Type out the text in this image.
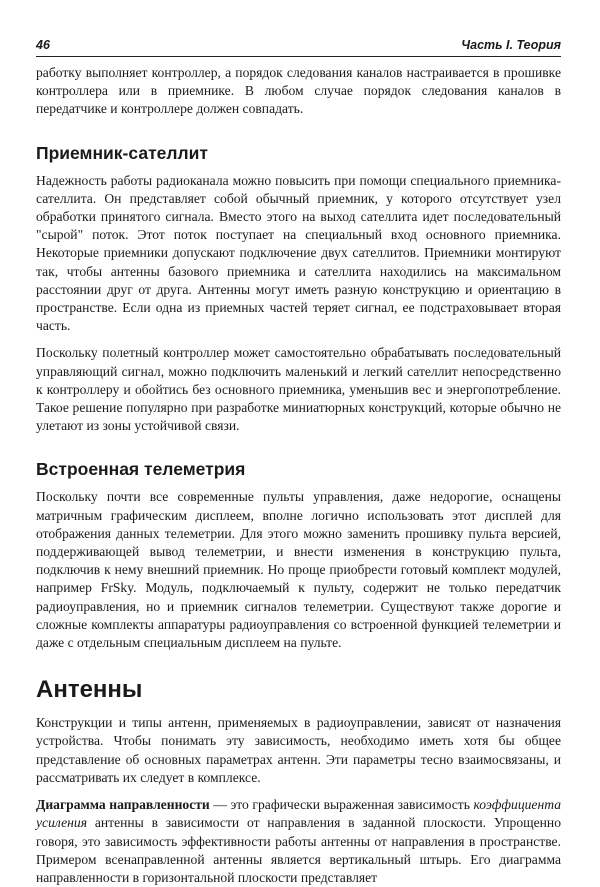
46	Часть I. Теория

работку выполняет контроллер, а порядок следования каналов настраивается в прошивке контроллера или в приемнике. В любом случае порядок следования каналов в передатчике и контроллере должен совпадать.

Приемник-сателлит

Надежность работы радиоканала можно повысить при помощи специального приемника-сателлита. Он представляет собой обычный приемник, у которого отсутствует узел обработки принятого сигнала. Вместо этого на выход сателлита идет последовательный "сырой" поток. Этот поток поступает на специальный вход основного приемника. Некоторые приемники допускают подключение двух сателлитов. Приемники монтируют так, чтобы антенны базового приемника и сателлита находились на максимальном расстоянии друг от друга. Антенны могут иметь разную конструкцию и ориентацию в пространстве. Если одна из приемных частей теряет сигнал, ее подстраховывает вторая часть.

Поскольку полетный контроллер может самостоятельно обрабатывать последовательный управляющий сигнал, можно подключить маленький и легкий сателлит непосредственно к контроллеру и обойтись без основного приемника, уменьшив вес и энергопотребление. Такое решение популярно при разработке миниатюрных конструкций, которые обычно не улетают из зоны устойчивой связи.

Встроенная телеметрия

Поскольку почти все современные пульты управления, даже недорогие, оснащены матричным графическим дисплеем, вполне логично использовать этот дисплей для отображения данных телеметрии. Для этого можно заменить прошивку пульта версией, поддерживающей вывод телеметрии, и внести изменения в конструкцию пульта, подключив к нему внешний приемник. Но проще приобрести готовый комплект модулей, например FrSky. Модуль, подключаемый к пульту, содержит не только передатчик радиоуправления, но и приемник сигналов телеметрии. Существуют также дорогие и сложные комплекты аппаратуры радиоуправления со встроенной функцией телеметрии и даже с отдельным специальным дисплеем на пульте.

Антенны

Конструкции и типы антенн, применяемых в радиоуправлении, зависят от назначения устройства. Чтобы понимать эту зависимость, необходимо иметь хотя бы общее представление об основных параметрах антенн. Эти параметры тесно взаимосвязаны, и рассматривать их следует в комплексе.

Диаграмма направленности — это графически выраженная зависимость коэффициента усиления антенны в зависимости от направления в заданной плоскости. Упрощенно говоря, это зависимость эффективности работы антенны от направления в пространстве. Примером всенаправленной антенны является вертикальный штырь. Его диаграмма направленности в горизонтальной плоскости представляет
